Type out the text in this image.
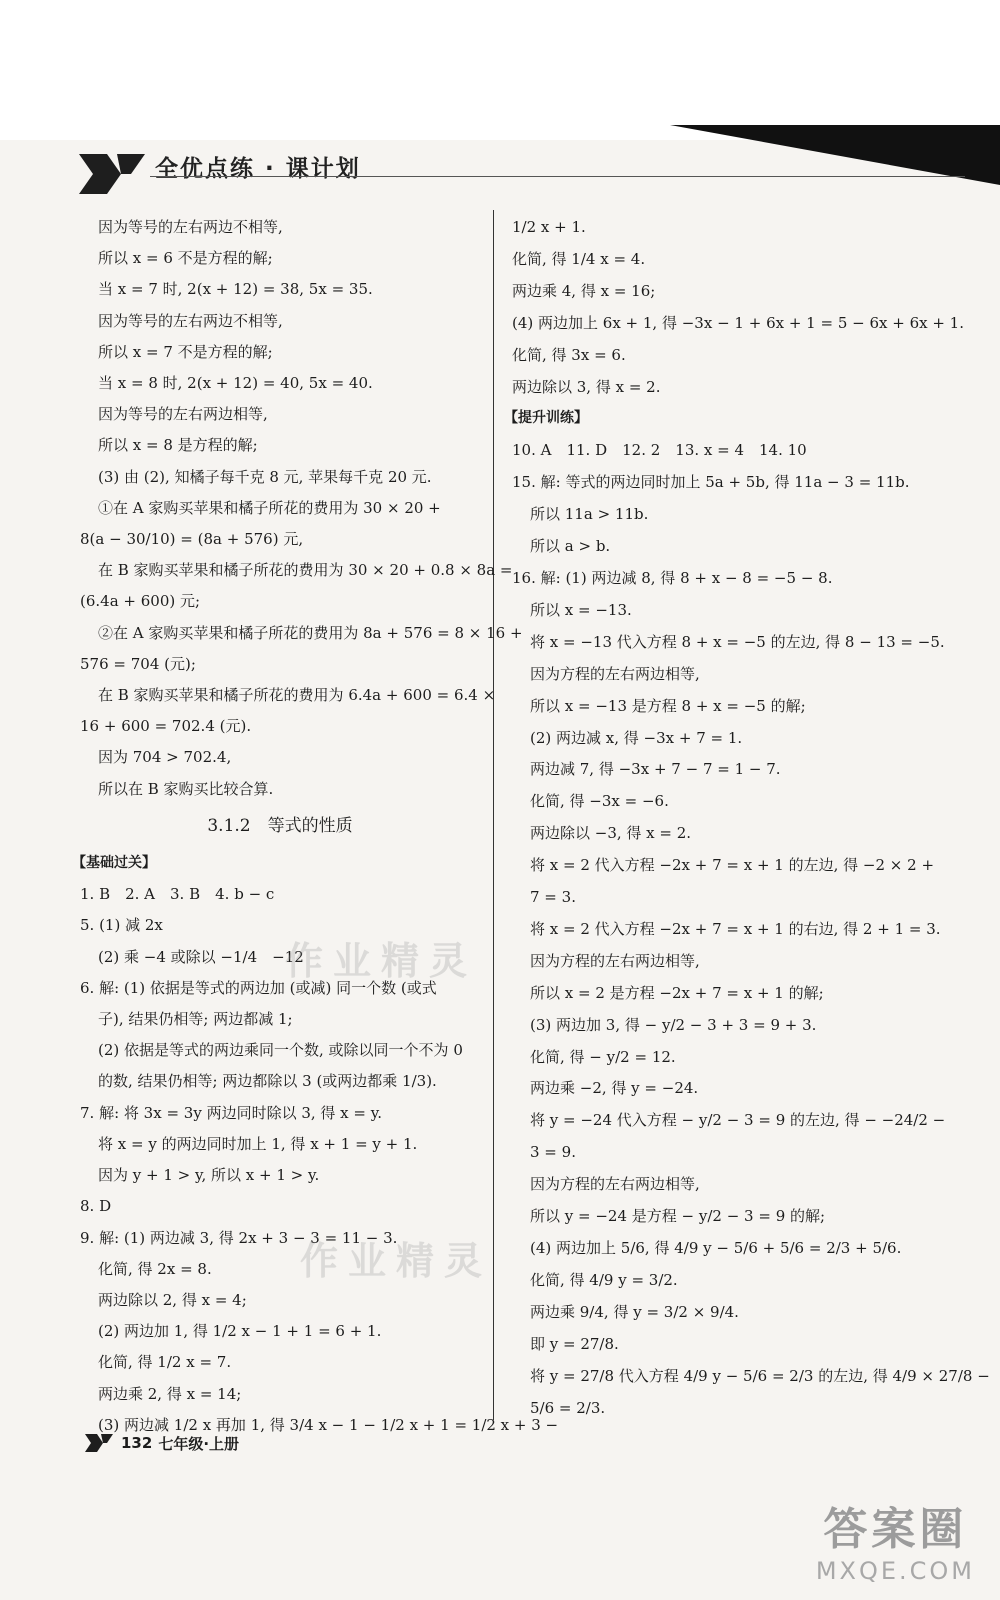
全优点练 · 课计划
因为等号的左右两边不相等,
所以 x = 6 不是方程的解;
当 x = 7 时, 2(x + 12) = 38, 5x = 35.
因为等号的左右两边不相等,
所以 x = 7 不是方程的解;
当 x = 8 时, 2(x + 12) = 40, 5x = 40.
因为等号的左右两边相等,
所以 x = 8 是方程的解;
(3) 由 (2), 知橘子每千克 8 元, 苹果每千克 20 元.
①在 A 家购买苹果和橘子所花的费用为 30 × 20 +
8(a − 30/10) = (8a + 576) 元,
在 B 家购买苹果和橘子所花的费用为 30 × 20 + 0.8 × 8a =
(6.4a + 600) 元;
②在 A 家购买苹果和橘子所花的费用为 8a + 576 = 8 × 16 +
576 = 704 (元);
在 B 家购买苹果和橘子所花的费用为 6.4a + 600 = 6.4 ×
16 + 600 = 702.4 (元).
因为 704 > 702.4,
所以在 B 家购买比较合算.
3.1.2　等式的性质
【基础过关】
1. B　2. A　3. B　4. b − c
5. (1) 减 2x
(2) 乘 −4 或除以 −1/4　−12
6. 解: (1) 依据是等式的两边加 (或减) 同一个数 (或式
子), 结果仍相等; 两边都减 1;
(2) 依据是等式的两边乘同一个数, 或除以同一个不为 0
的数, 结果仍相等; 两边都除以 3 (或两边都乘 1/3).
7. 解: 将 3x = 3y 两边同时除以 3, 得 x = y.
将 x = y 的两边同时加上 1, 得 x + 1 = y + 1.
因为 y + 1 > y, 所以 x + 1 > y.
8. D
9. 解: (1) 两边减 3, 得 2x + 3 − 3 = 11 − 3.
化简, 得 2x = 8.
两边除以 2, 得 x = 4;
(2) 两边加 1, 得 1/2 x − 1 + 1 = 6 + 1.
化简, 得 1/2 x = 7.
两边乘 2, 得 x = 14;
(3) 两边减 1/2 x 再加 1, 得 3/4 x − 1 − 1/2 x + 1 = 1/2 x + 3 −
1/2 x + 1.
化简, 得 1/4 x = 4.
两边乘 4, 得 x = 16;
(4) 两边加上 6x + 1, 得 −3x − 1 + 6x + 1 = 5 − 6x + 6x + 1.
化简, 得 3x = 6.
两边除以 3, 得 x = 2.
【提升训练】
10. A　11. D　12. 2　13. x = 4　14. 10
15. 解: 等式的两边同时加上 5a + 5b, 得 11a − 3 = 11b.
所以 11a > 11b.
所以 a > b.
16. 解: (1) 两边减 8, 得 8 + x − 8 = −5 − 8.
所以 x = −13.
将 x = −13 代入方程 8 + x = −5 的左边, 得 8 − 13 = −5.
因为方程的左右两边相等,
所以 x = −13 是方程 8 + x = −5 的解;
(2) 两边减 x, 得 −3x + 7 = 1.
两边减 7, 得 −3x + 7 − 7 = 1 − 7.
化简, 得 −3x = −6.
两边除以 −3, 得 x = 2.
将 x = 2 代入方程 −2x + 7 = x + 1 的左边, 得 −2 × 2 +
7 = 3.
将 x = 2 代入方程 −2x + 7 = x + 1 的右边, 得 2 + 1 = 3.
因为方程的左右两边相等,
所以 x = 2 是方程 −2x + 7 = x + 1 的解;
(3) 两边加 3, 得 − y/2 − 3 + 3 = 9 + 3.
化简, 得 − y/2 = 12.
两边乘 −2, 得 y = −24.
将 y = −24 代入方程 − y/2 − 3 = 9 的左边, 得 − −24/2 −
3 = 9.
因为方程的左右两边相等,
所以 y = −24 是方程 − y/2 − 3 = 9 的解;
(4) 两边加上 5/6, 得 4/9 y − 5/6 + 5/6 = 2/3 + 5/6.
化简, 得 4/9 y = 3/2.
两边乘 9/4, 得 y = 3/2 × 9/4.
即 y = 27/8.
将 y = 27/8 代入方程 4/9 y − 5/6 = 2/3 的左边, 得 4/9 × 27/8 −
5/6 = 2/3.
作业精灵
作业精灵
132 七年级·上册
答案圈
MXQE.COM
